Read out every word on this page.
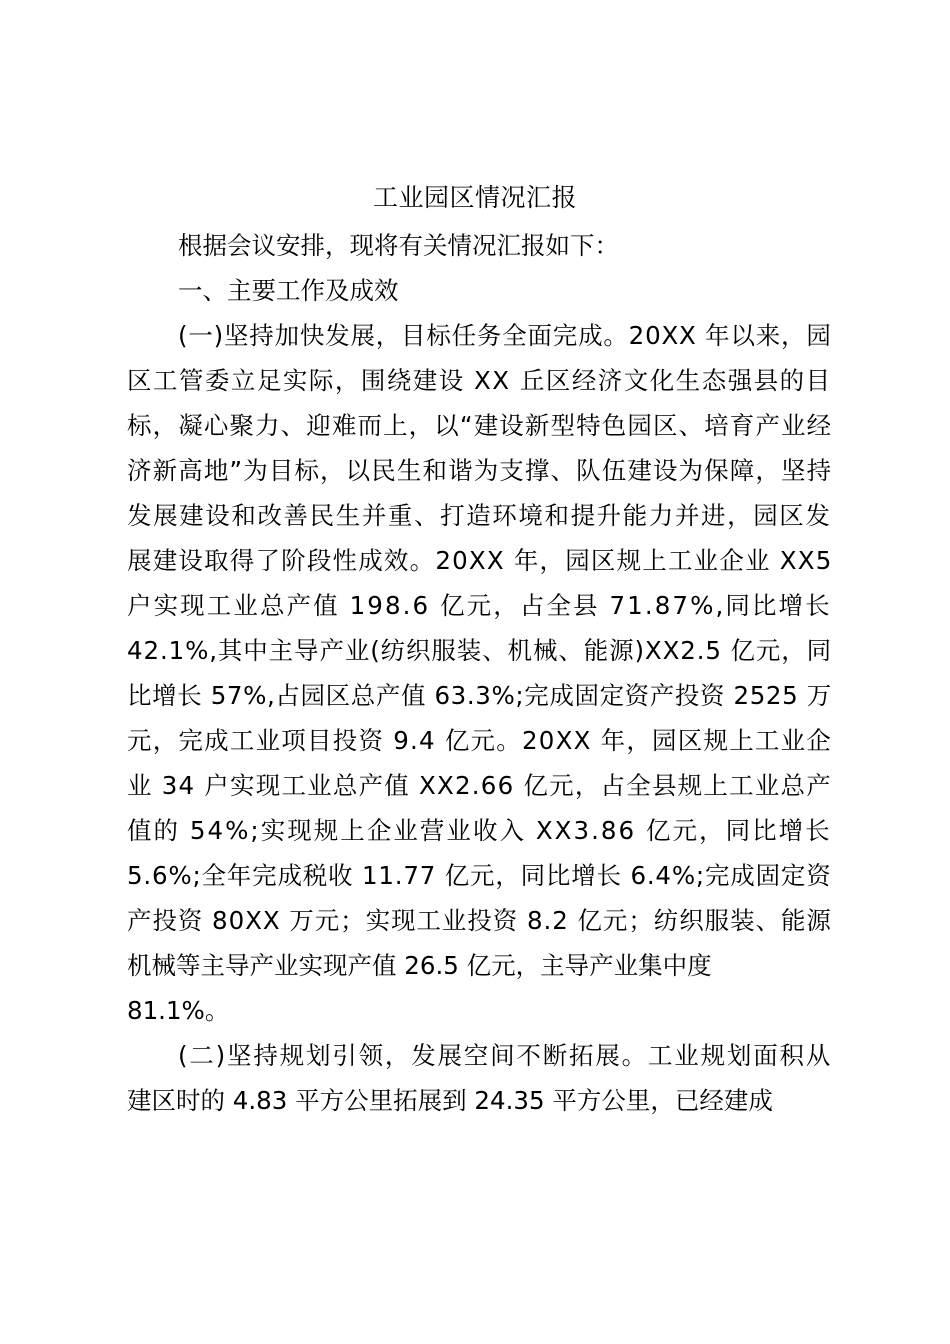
工业园区情况汇报
根据会议安排，现将有关情况汇报如下：
一、主要工作及成效
(一)坚持加快发展，目标任务全面完成。20XX 年以来，园
区工管委立足实际，围绕建设 XX 丘区经济文化生态强县的目
标，凝心聚力、迎难而上，以“建设新型特色园区、培育产业经
济新高地”为目标，以民生和谐为支撑、队伍建设为保障，坚持
发展建设和改善民生并重、打造环境和提升能力并进，园区发
展建设取得了阶段性成效。20XX 年，园区规上工业企业 XX5
户实现工业总产值 198.6 亿元，占全县 71.87%,同比增长
42.1%,其中主导产业(纺织服装、机械、能源)XX2.5 亿元，同
比增长 57%,占园区总产值 63.3%;完成固定资产投资 2525 万
元，完成工业项目投资 9.4 亿元。20XX 年，园区规上工业企
业 34 户实现工业总产值 XX2.66 亿元，占全县规上工业总产
值的 54%;实现规上企业营业收入 XX3.86 亿元，同比增长
5.6%;全年完成税收 11.77 亿元，同比增长 6.4%;完成固定资
产投资 80XX 万元；实现工业投资 8.2 亿元；纺织服装、能源
机械等主导产业实现产值 26.5 亿元，主导产业集中度
81.1%。
(二)坚持规划引领，发展空间不断拓展。工业规划面积从
建区时的 4.83 平方公里拓展到 24.35 平方公里，已经建成
